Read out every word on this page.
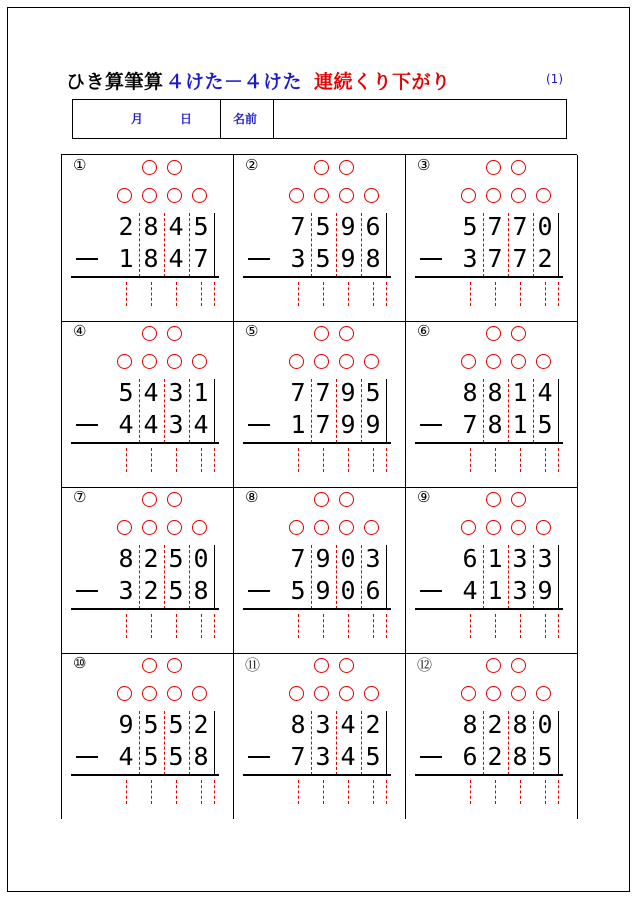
ひき算筆算 ４けた－４けた 連続くり下がり	(1)
月	日	名前
①
2 8 4 5
1 8 4 7
②
7 5 9 6
3 5 9 8
③
5 7 7 0
3 7 7 2
④
5 4 3 1
4 4 3 4
⑤
7 7 9 5
1 7 9 9
⑥
8 8 1 4
7 8 1 5
⑦
8 2 5 0
3 2 5 8
⑧
7 9 0 3
5 9 0 6
⑨
6 1 3 3
4 1 3 9
⑩
9 5 5 2
4 5 5 8
⑪
8 3 4 2
7 3 4 5
⑫
8 2 8 0
6 2 8 5
